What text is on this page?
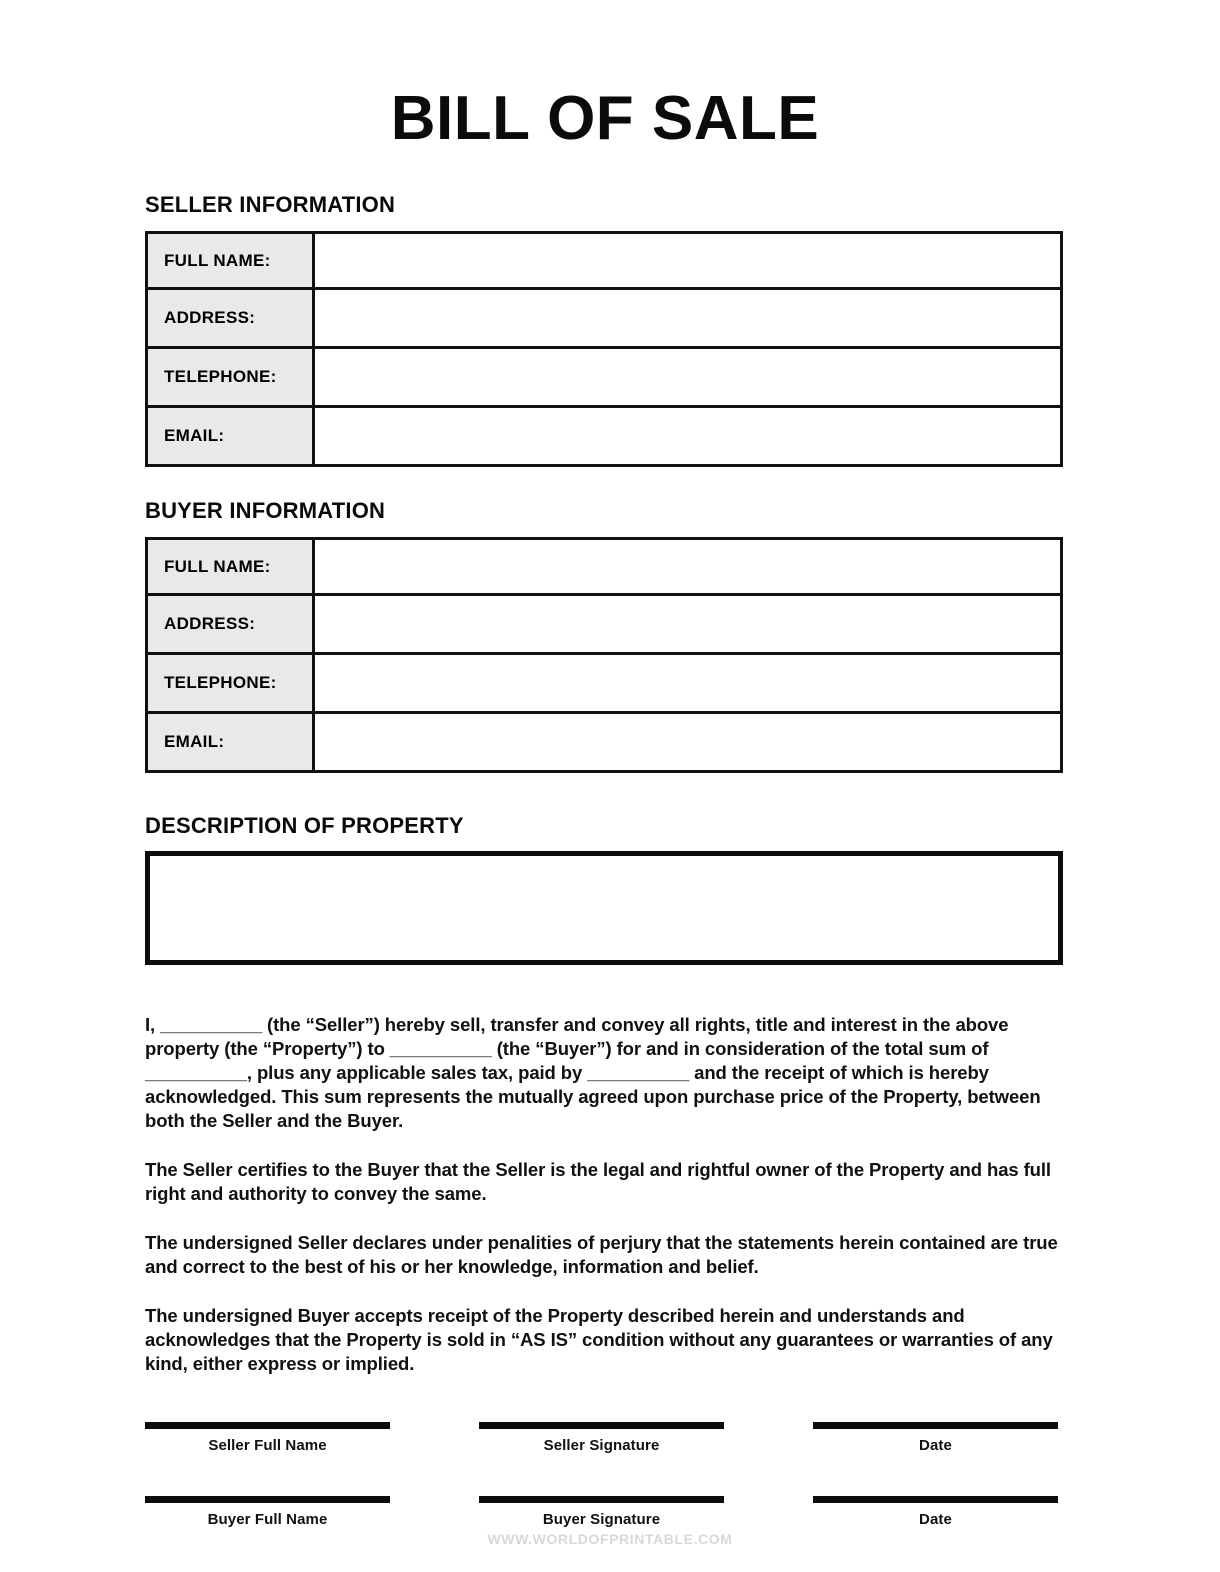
BILL OF SALE
SELLER INFORMATION
FULL NAME:	
ADDRESS:	
TELEPHONE:	
EMAIL:	
BUYER INFORMATION
FULL NAME:	
ADDRESS:	
TELEPHONE:	
EMAIL:	
DESCRIPTION OF PROPERTY

I, __________ (the “Seller”) hereby sell, transfer and convey all rights, title and interest in the above property (the “Property”) to __________ (the “Buyer”) for and in consideration of the total sum of __________, plus any applicable sales tax, paid by __________ and the receipt of which is hereby acknowledged. This sum represents the mutually agreed upon purchase price of the Property, between both the Seller and the Buyer.

The Seller certifies to the Buyer that the Seller is the legal and rightful owner of the Property and has full right and authority to convey the same.

The undersigned Seller declares under penalities of perjury that the statements herein contained are true and correct to the best of his or her knowledge, information and belief.

The undersigned Buyer accepts receipt of the Property described herein and understands and acknowledges that the Property is sold in “AS IS” condition without any guarantees or warranties of any kind, either express or implied.

Seller Full Name	Seller Signature	Date
Buyer Full Name	Buyer Signature	Date
WWW.WORLDOFPRINTABLE.COM
